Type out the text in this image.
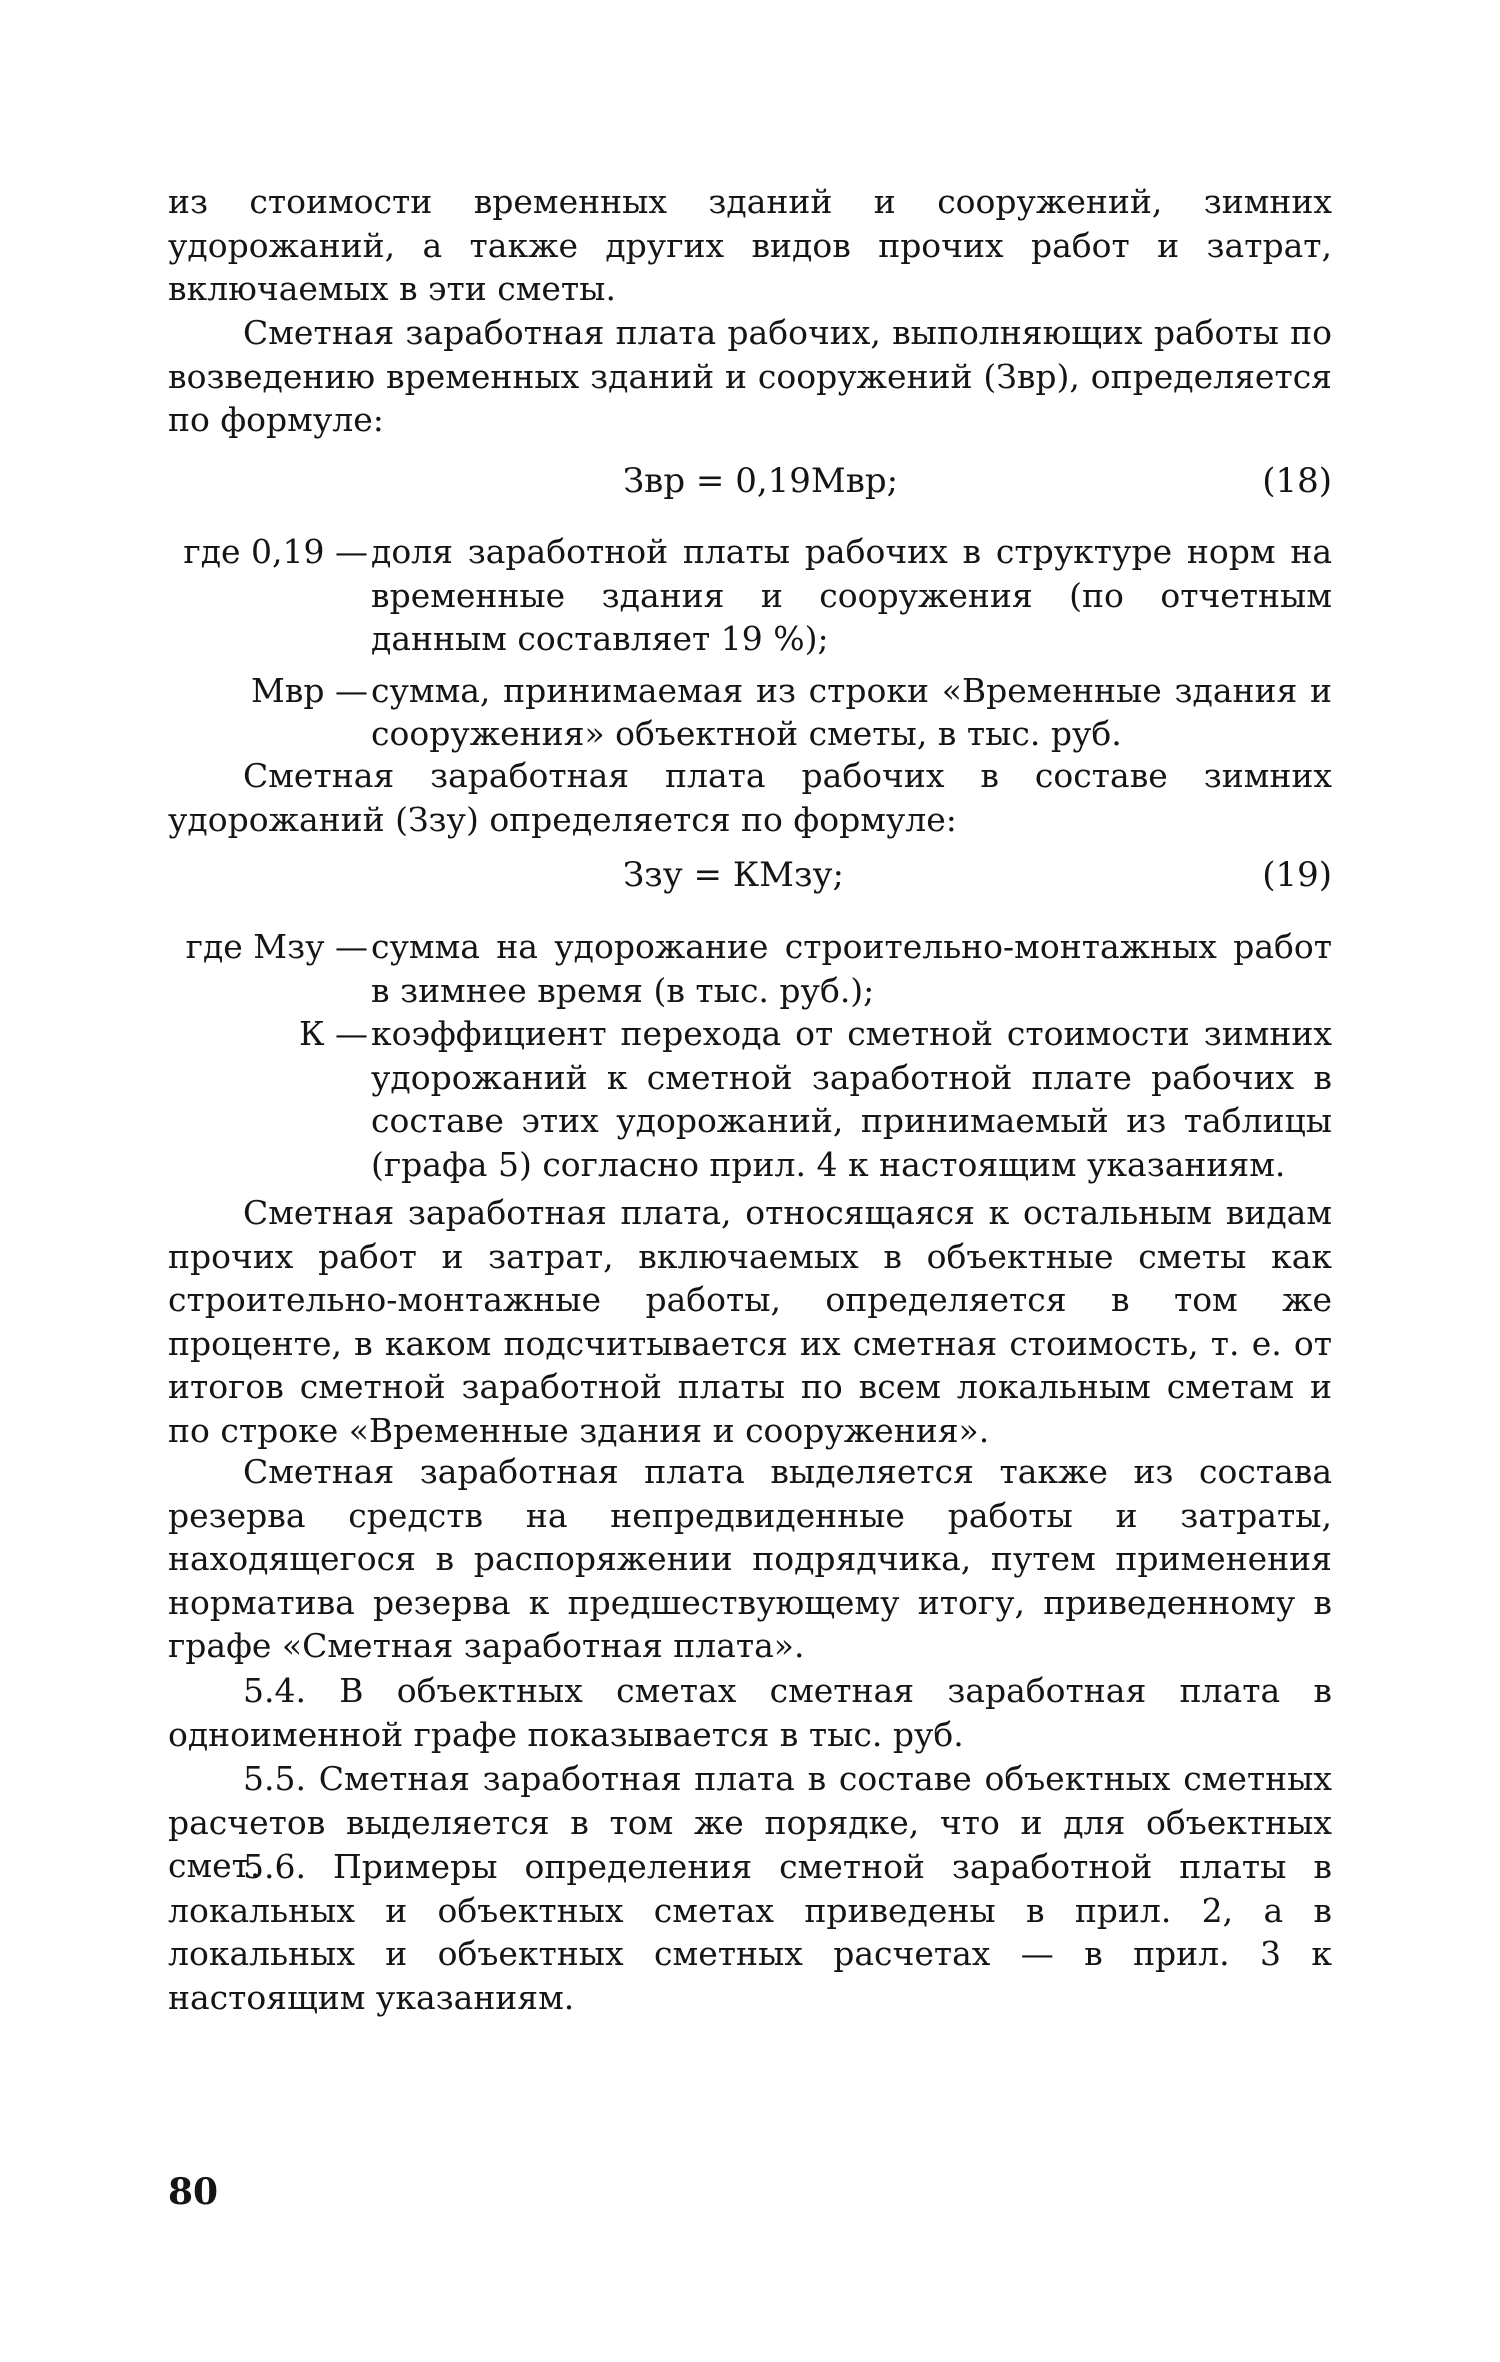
из стоимости временных зданий и сооружений, зимних удорожаний, а также других видов прочих работ и затрат, включаемых в эти сметы.

Сметная заработная плата рабочих, выполняющих работы по возведению временных зданий и сооружений (Звр), определяется по формуле:

Звр = 0,19Мвр;	(18)
где 0,19 — доля заработной платы рабочих в структуре норм на временные здания и сооружения (по отчетным данным составляет 19 %);
Мвр — сумма, принимаемая из строки «Временные здания и сооружения» объектной сметы, в тыс. руб.

Сметная заработная плата рабочих в составе зимних удорожаний (Ззу) определяется по формуле:

Ззу = КМзу;	(19)
где Мзу — сумма на удорожание строительно-монтажных работ в зимнее время (в тыс. руб.);
К — коэффициент перехода от сметной стоимости зимних удорожаний к сметной заработной плате рабочих в составе этих удорожаний, принимаемый из таблицы (графа 5) согласно прил. 4 к настоящим указаниям.

Сметная заработная плата, относящаяся к остальным видам прочих работ и затрат, включаемых в объектные сметы как строительно-монтажные работы, определяется в том же проценте, в каком подсчитывается их сметная стоимость, т. е. от итогов сметной заработной платы по всем локальным сметам и по строке «Временные здания и сооружения».

Сметная заработная плата выделяется также из состава резерва средств на непредвиденные работы и затраты, находящегося в распоряжении подрядчика, путем применения норматива резерва к предшествующему итогу, приведенному в графе «Сметная заработная плата».

5.4. В объектных сметах сметная заработная плата в одноименной графе показывается в тыс. руб.

5.5. Сметная заработная плата в составе объектных сметных расчетов выделяется в том же порядке, что и для объектных смет.

5.6. Примеры определения сметной заработной платы в локальных и объектных сметах приведены в прил. 2, а в локальных и объектных сметных расчетах — в прил. 3 к настоящим указаниям.

80
